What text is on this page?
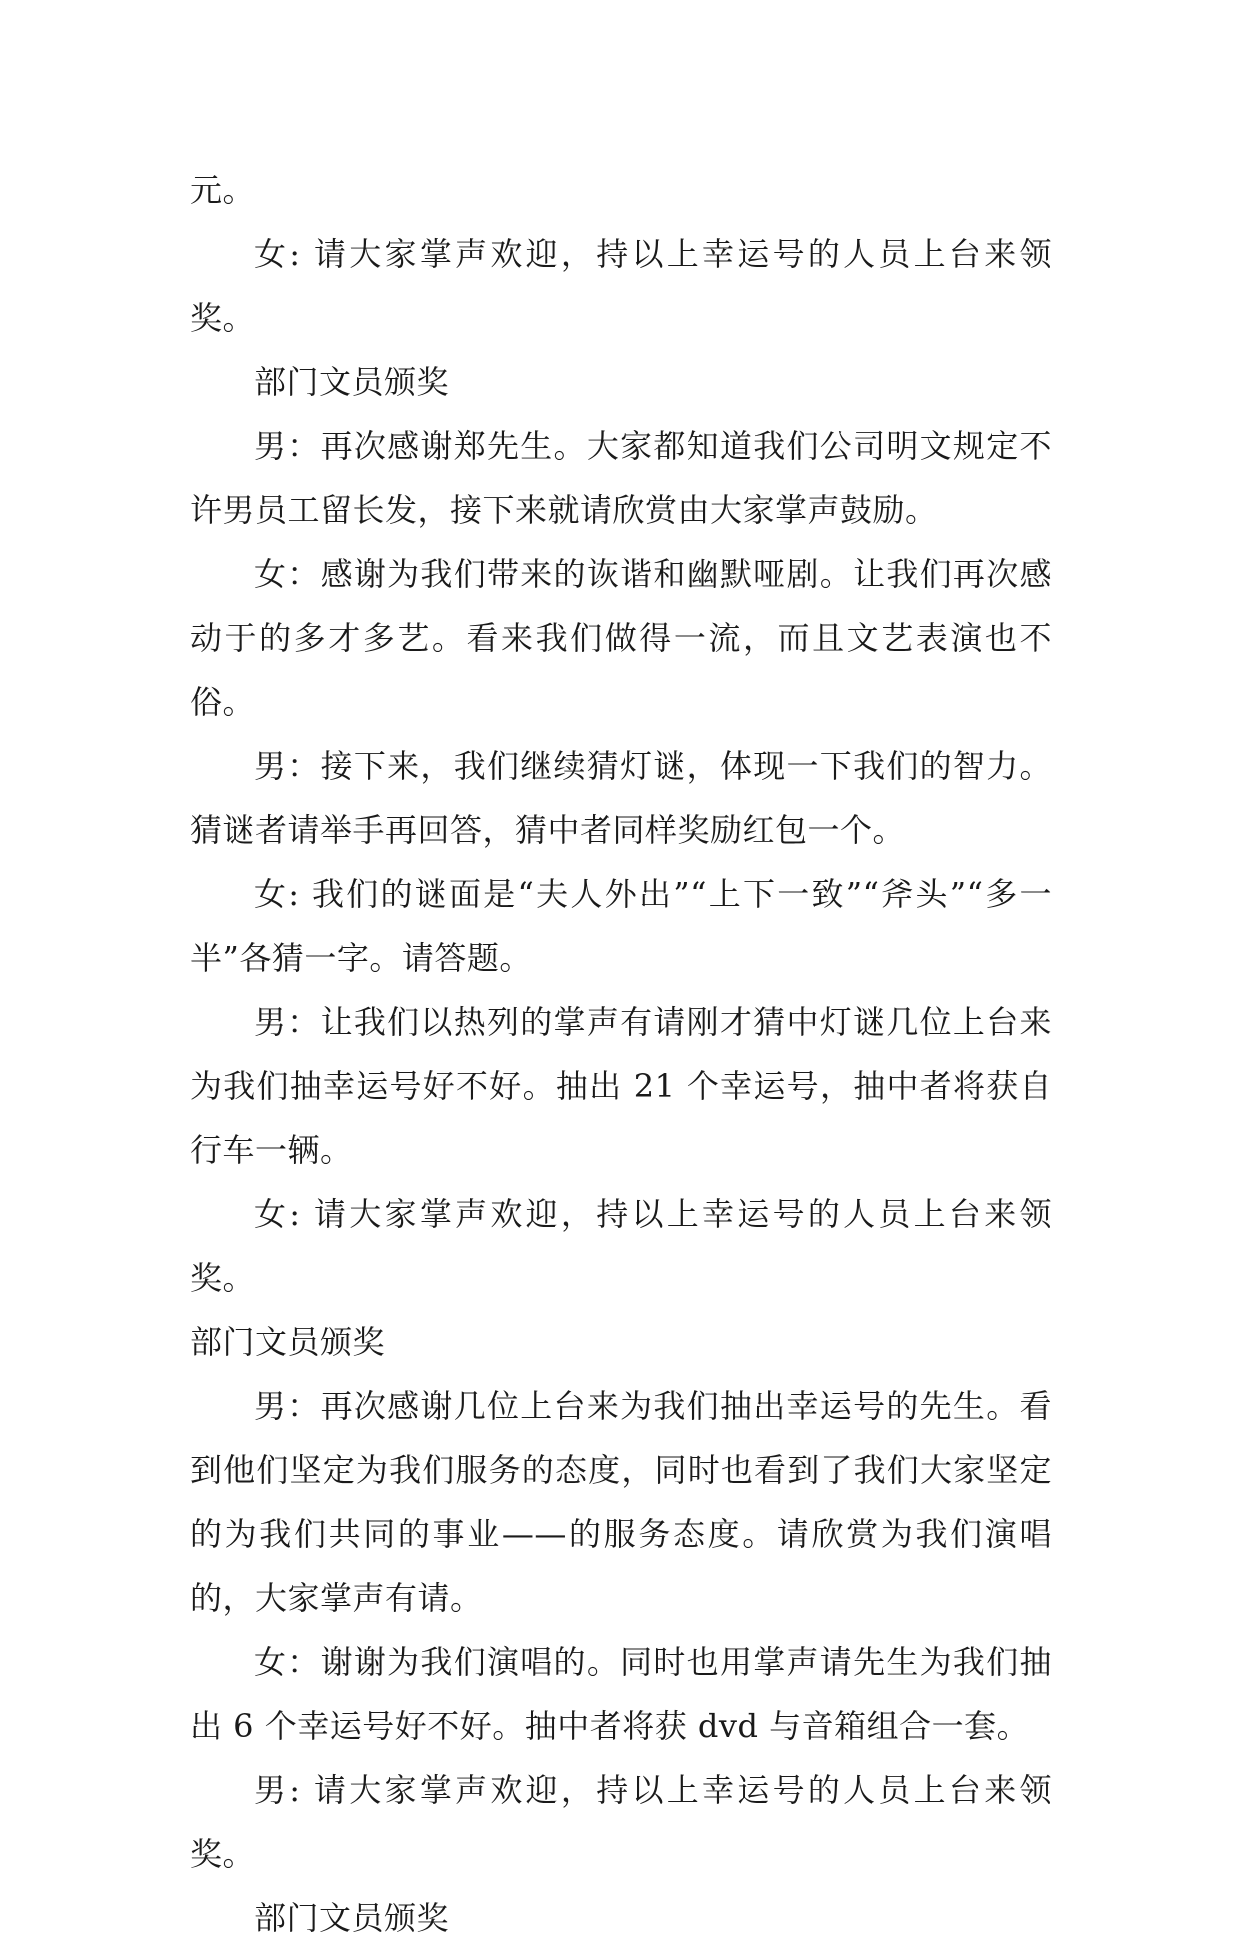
元。

女: 请大家掌声欢迎，持以上幸运号的人员上台来领奖。

部门文员颁奖

男：再次感谢郑先生。大家都知道我们公司明文规定不许男员工留长发，接下来就请欣赏由大家掌声鼓励。

女：感谢为我们带来的诙谐和幽默哑剧。让我们再次感动于的多才多艺。看来我们做得一流，而且文艺表演也不俗。

男：接下来，我们继续猜灯谜，体现一下我们的智力。猜谜者请举手再回答，猜中者同样奖励红包一个。

女: 我们的谜面是“夫人外出”“上下一致”“斧头”“多一半”各猜一字。请答题。

男：让我们以热列的掌声有请刚才猜中灯谜几位上台来为我们抽幸运号好不好。抽出 21 个幸运号，抽中者将获自行车一辆。

女: 请大家掌声欢迎，持以上幸运号的人员上台来领奖。

部门文员颁奖

男：再次感谢几位上台来为我们抽出幸运号的先生。看到他们坚定为我们服务的态度，同时也看到了我们大家坚定的为我们共同的事业——的服务态度。请欣赏为我们演唱的，大家掌声有请。

女：谢谢为我们演唱的。同时也用掌声请先生为我们抽出 6 个幸运号好不好。抽中者将获 dvd 与音箱组合一套。

男: 请大家掌声欢迎，持以上幸运号的人员上台来领奖。

部门文员颁奖
